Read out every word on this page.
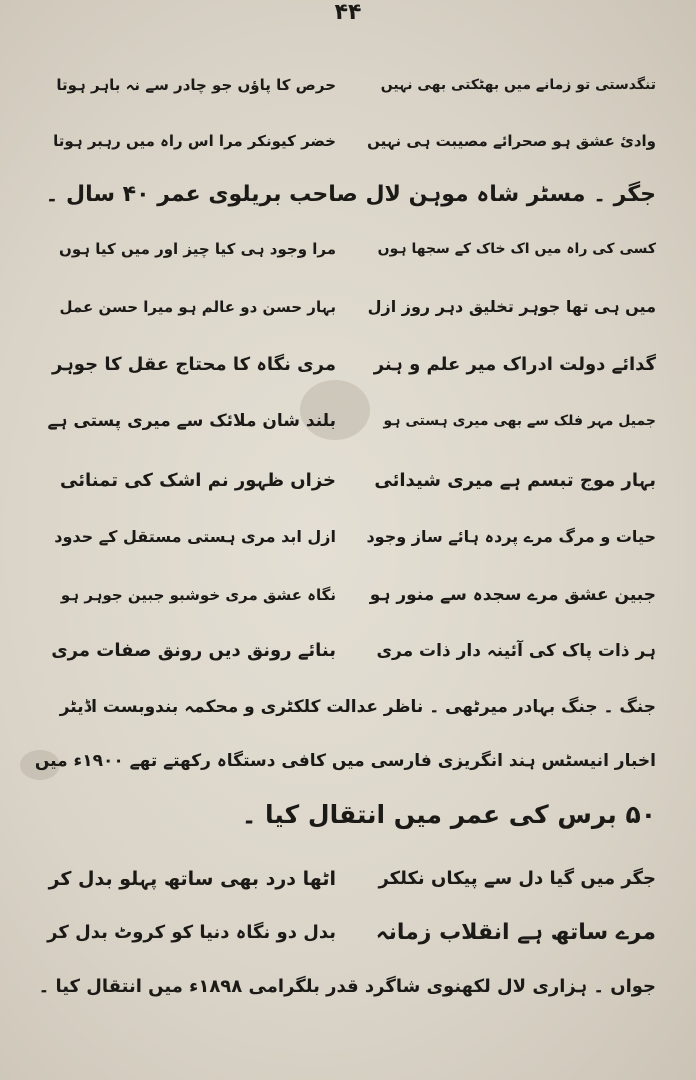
۴۴

تنگدستی تو زمانے میں بھٹکتی بھی نہیں

حرص کا پاؤں جو چادر سے نہ باہر ہوتا

وادیٔ عشق ہو صحرائے مصیبت ہی نہیں

خضر کیونکر مرا اس راہ میں رہبر ہوتا

جگر ۔ مسٹر شاہ موہن لال صاحب بریلوی عمر ۴۰ سال ۔

کسی کی راہ میں اک خاک کے سجھا ہوں

مرا وجود ہی کیا چیز اور میں کیا ہوں

میں ہی تھا جوہر تخلیق دہر روز ازل

بہار حسن دو عالم ہو میرا حسن عمل

گدائے دولت ادراک میر علم و ہنر

مری نگاہ کا محتاج عقل کا جوہر

جمیل مہر فلک سے بھی میری ہستی ہو

بلند شان ملائک سے میری پستی ہے

بہار موج تبسم ہے میری شیدائی

خزاں ظہور نم اشک کی تمنائی

حیات و مرگ مرے پردہ ہائے ساز وجود

ازل ابد مری ہستی مستقل کے حدود

جبین عشق مرے سجدہ سے منور ہو

نگاہ عشق مری خوشبو جبین جوہر ہو

ہر ذات پاک کی آئینہ دار ذات مری

بنائے رونق دیں رونق صفات مری

جنگ ۔ جنگ بہادر میرٹھی ۔ ناظر عدالت کلکٹری و محکمہ بندوبست اڈیٹر

اخبار انیسٹس ہند انگریزی فارسی میں کافی دستگاہ رکھتے تھے ۱۹۰۰ء میں

۵۰ برس کی عمر میں انتقال کیا ۔

جگر میں گیا دل سے پیکاں نکلکر

اٹھا درد بھی ساتھ پہلو بدل کر

مرے ساتھ ہے انقلاب زمانہ

بدل دو نگاہ دنیا کو کروٹ بدل کر

جواں ۔ ہزاری لال لکھنوی شاگرد قدر بلگرامی ۱۸۹۸ء میں انتقال کیا ۔
